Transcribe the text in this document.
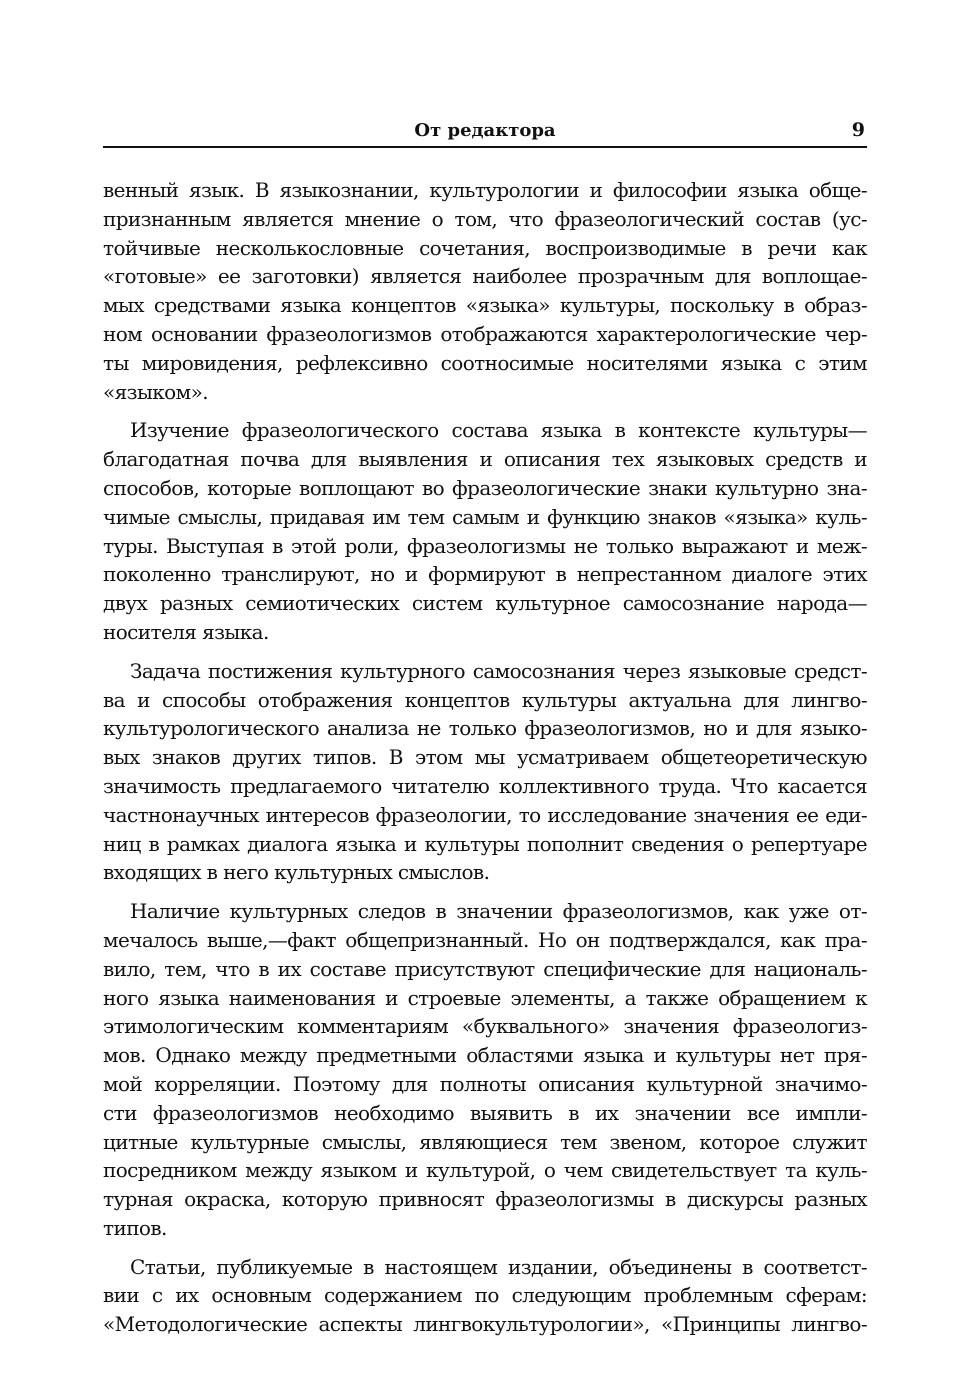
От редактора	9
венный язык. В языкознании, культурологии и философии языка обще-
признанным является мнение о том, что фразеологический состав (ус-
тойчивые несколькословные сочетания, воспроизводимые в речи как
«готовые» ее заготовки) является наиболее прозрачным для воплощае-
мых средствами языка концептов «языка» культуры, поскольку в образ-
ном основании фразеологизмов отображаются характерологические чер-
ты мировидения, рефлексивно соотносимые носителями языка с этим
«языком».
Изучение фразеологического состава языка в контексте культуры—
благодатная почва для выявления и описания тех языковых средств и
способов, которые воплощают во фразеологические знаки культурно зна-
чимые смыслы, придавая им тем самым и функцию знаков «языка» куль-
туры. Выступая в этой роли, фразеологизмы не только выражают и меж-
поколенно транслируют, но и формируют в непрестанном диалоге этих
двух разных семиотических систем культурное самосознание народа—
носителя языка.
Задача постижения культурного самосознания через языковые средст-
ва и способы отображения концептов культуры актуальна для лингво-
культурологического анализа не только фразеологизмов, но и для языко-
вых знаков других типов. В этом мы усматриваем общетеоретическую
значимость предлагаемого читателю коллективного труда. Что касается
частнонаучных интересов фразеологии, то исследование значения ее еди-
ниц в рамках диалога языка и культуры пополнит сведения о репертуаре
входящих в него культурных смыслов.
Наличие культурных следов в значении фразеологизмов, как уже от-
мечалось выше,—факт общепризнанный. Но он подтверждался, как пра-
вило, тем, что в их составе присутствуют специфические для националь-
ного языка наименования и строевые элементы, а также обращением к
этимологическим комментариям «буквального» значения фразеологиз-
мов. Однако между предметными областями языка и культуры нет пря-
мой корреляции. Поэтому для полноты описания культурной значимо-
сти фразеологизмов необходимо выявить в их значении все импли-
цитные культурные смыслы, являющиеся тем звеном, которое служит
посредником между языком и культурой, о чем свидетельствует та куль-
турная окраска, которую привносят фразеологизмы в дискурсы разных
типов.
Статьи, публикуемые в настоящем издании, объединены в соответст-
вии с их основным содержанием по следующим проблемным сферам:
«Методологические аспекты лингвокультурологии», «Принципы лингво-
